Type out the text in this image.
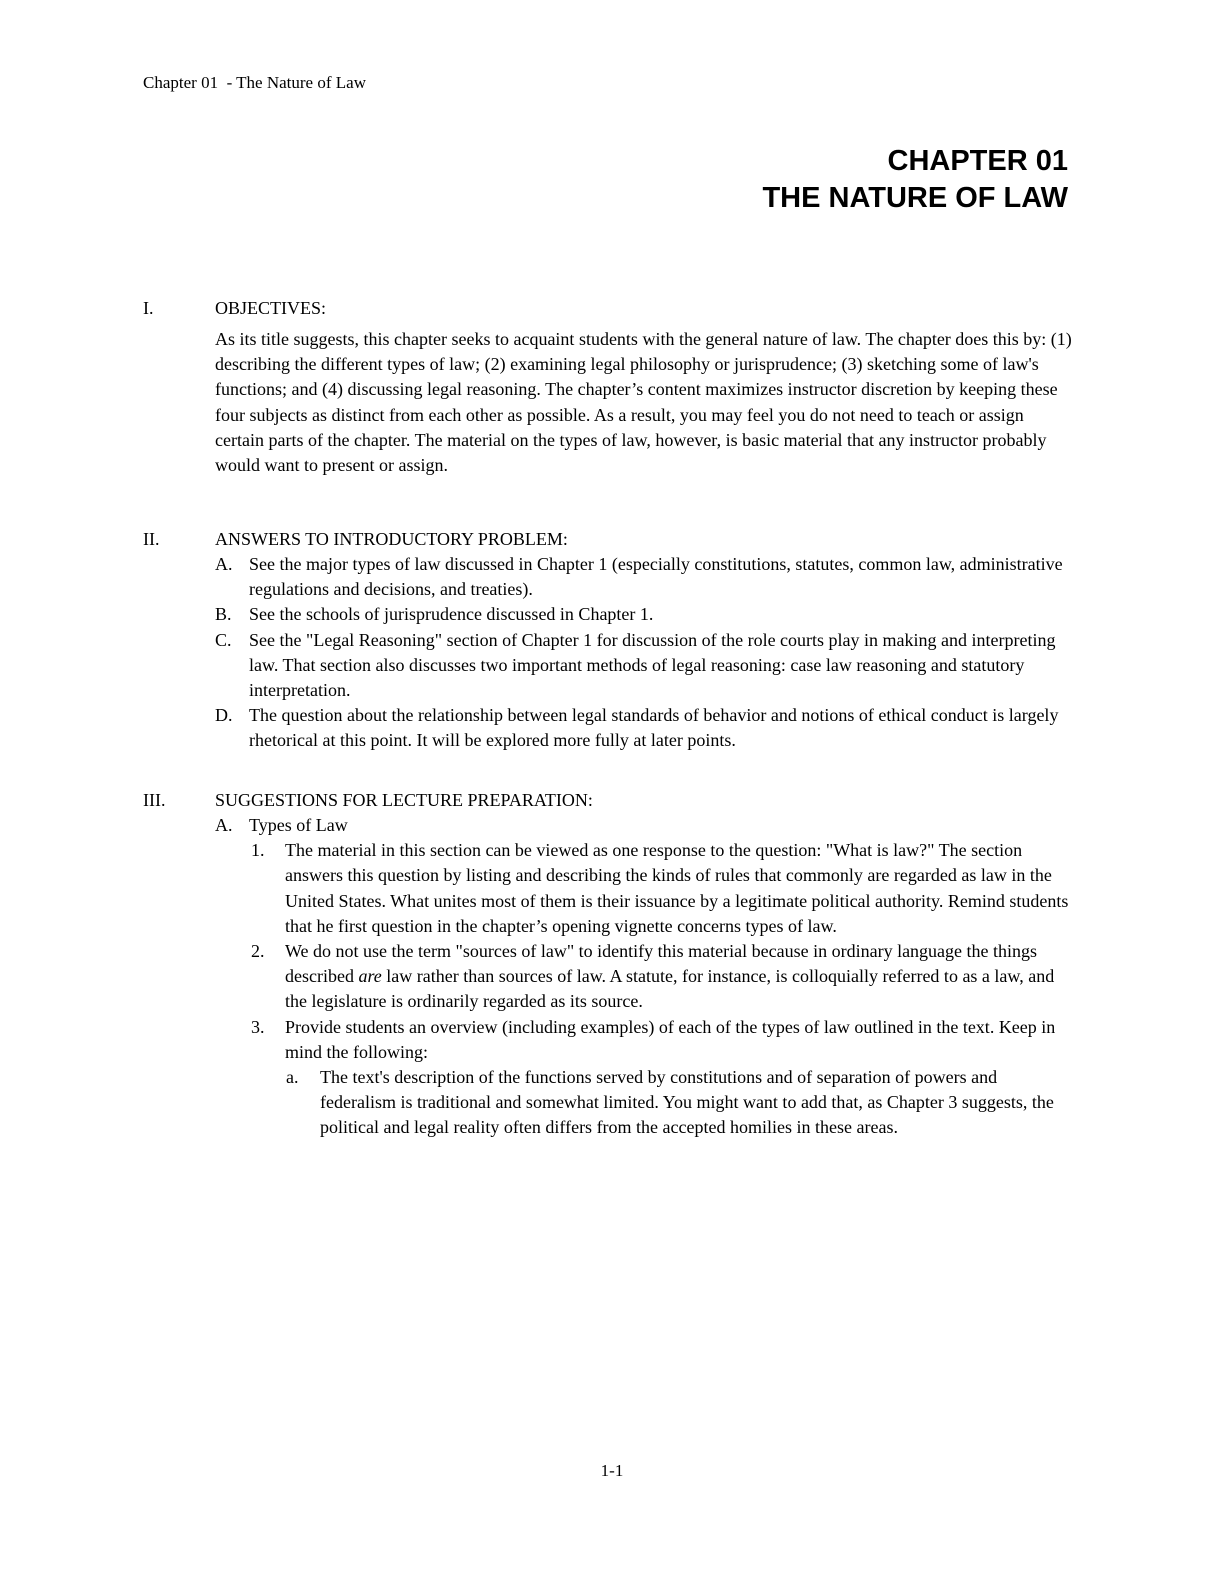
Chapter 01  - The Nature of Law
CHAPTER 01
THE NATURE OF LAW
I.	OBJECTIVES:

As its title suggests, this chapter seeks to acquaint students with the general nature of law. The chapter does this by: (1) describing the different types of law; (2) examining legal philosophy or jurisprudence; (3) sketching some of law's functions; and (4) discussing legal reasoning. The chapter’s content maximizes instructor discretion by keeping these four subjects as distinct from each other as possible. As a result, you may feel you do not need to teach or assign certain parts of the chapter. The material on the types of law, however, is basic material that any instructor probably would want to present or assign.

II.	ANSWERS TO INTRODUCTORY PROBLEM:
A. See the major types of law discussed in Chapter 1 (especially constitutions, statutes, common law, administrative regulations and decisions, and treaties).
B. See the schools of jurisprudence discussed in Chapter 1.
C. See the "Legal Reasoning" section of Chapter 1 for discussion of the role courts play in making and interpreting law. That section also discusses two important methods of legal reasoning: case law reasoning and statutory interpretation.
D. The question about the relationship between legal standards of behavior and notions of ethical conduct is largely rhetorical at this point. It will be explored more fully at later points.
III.	SUGGESTIONS FOR LECTURE PREPARATION:
A. Types of Law
1. The material in this section can be viewed as one response to the question: "What is law?" The section answers this question by listing and describing the kinds of rules that commonly are regarded as law in the United States. What unites most of them is their issuance by a legitimate political authority. Remind students that he first question in the chapter’s opening vignette concerns types of law.
2. We do not use the term "sources of law" to identify this material because in ordinary language the things described are law rather than sources of law. A statute, for instance, is colloquially referred to as a law, and the legislature is ordinarily regarded as its source.
3. Provide students an overview (including examples) of each of the types of law outlined in the text. Keep in mind the following:
a. The text's description of the functions served by constitutions and of separation of powers and federalism is traditional and somewhat limited. You might want to add that, as Chapter 3 suggests, the political and legal reality often differs from the accepted homilies in these areas.
1-1
